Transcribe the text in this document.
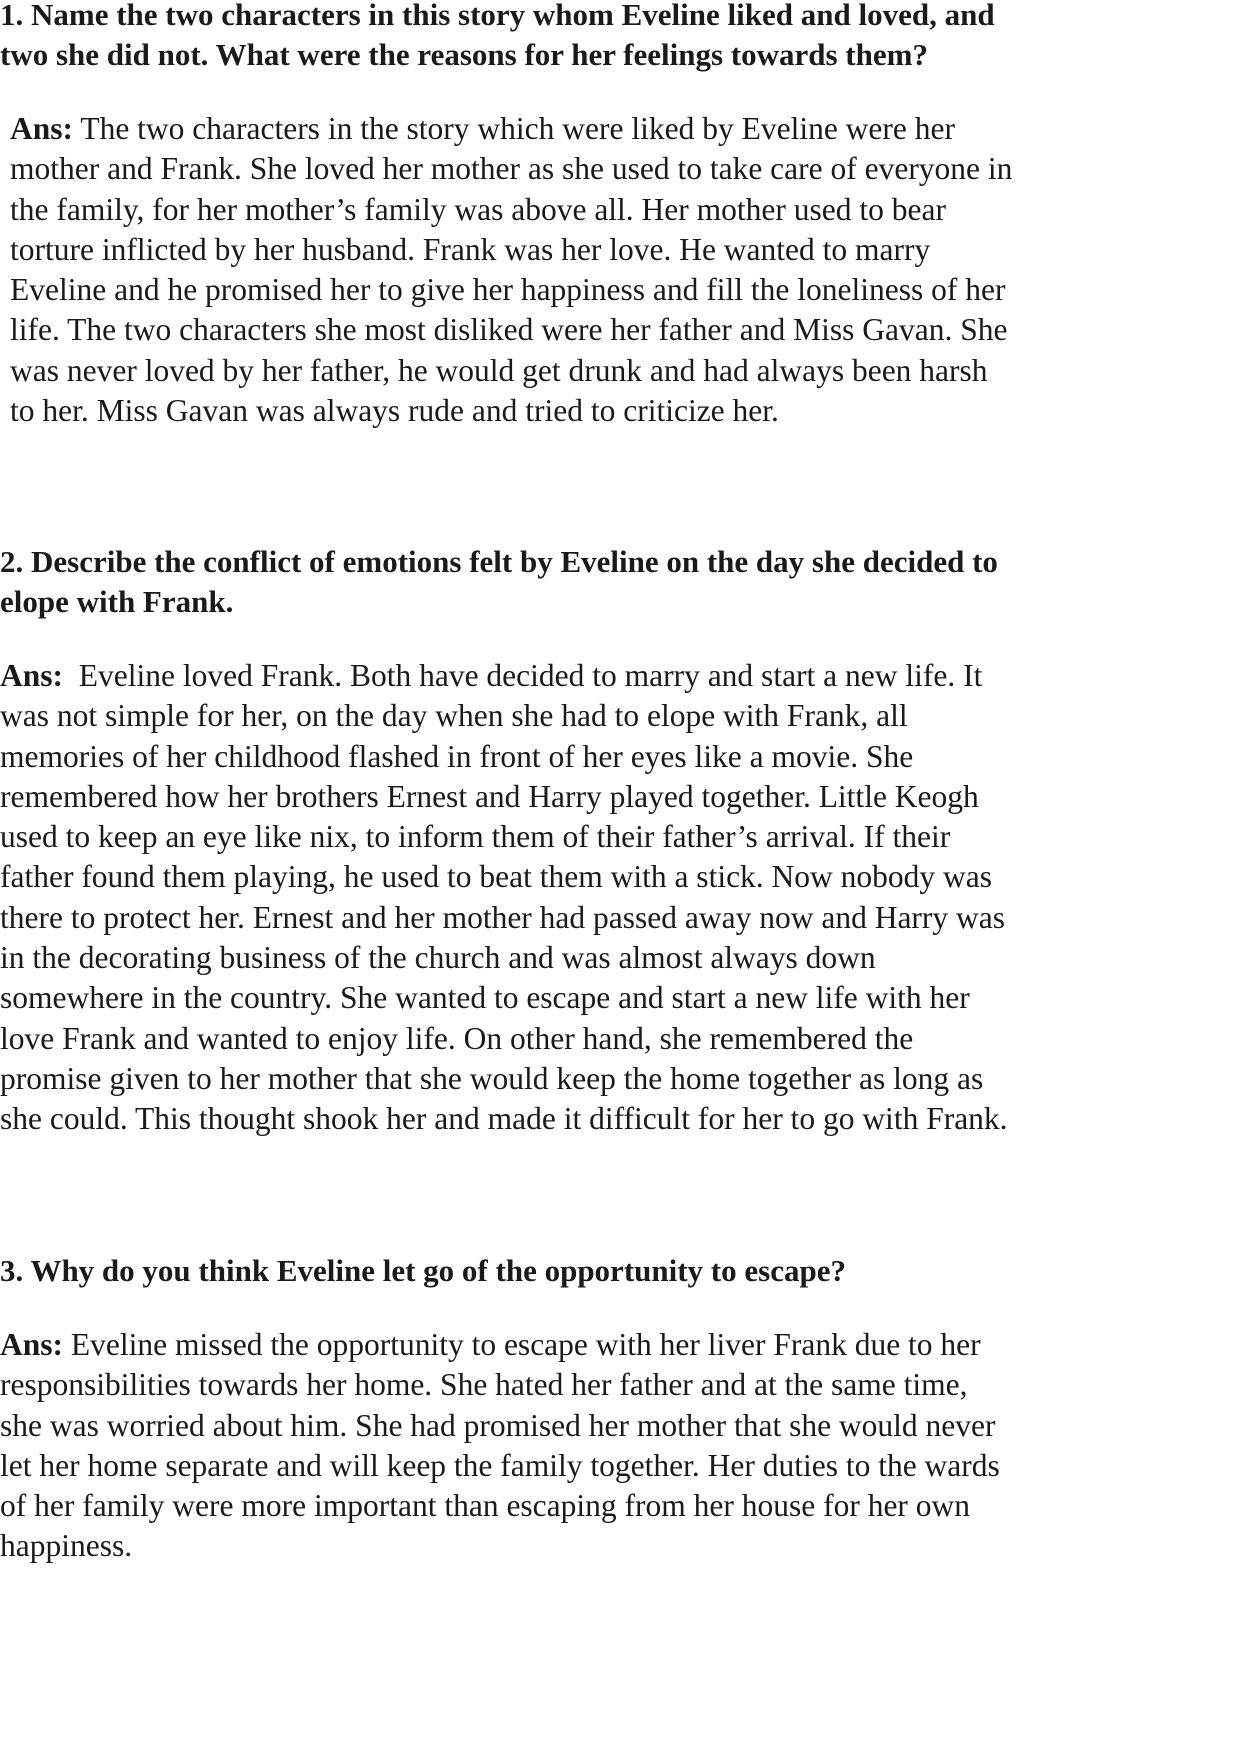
1. Name the two characters in this story whom Eveline liked and loved, and
two she did not. What were the reasons for her feelings towards them?
Ans: The two characters in the story which were liked by Eveline were her
mother and Frank. She loved her mother as she used to take care of everyone in
the family, for her mother’s family was above all. Her mother used to bear
torture inflicted by her husband. Frank was her love. He wanted to marry
Eveline and he promised her to give her happiness and fill the loneliness of her
life. The two characters she most disliked were her father and Miss Gavan. She
was never loved by her father, he would get drunk and had always been harsh
to her. Miss Gavan was always rude and tried to criticize her.
2. Describe the conflict of emotions felt by Eveline on the day she decided to
elope with Frank.
Ans:  Eveline loved Frank. Both have decided to marry and start a new life. It
was not simple for her, on the day when she had to elope with Frank, all
memories of her childhood flashed in front of her eyes like a movie. She
remembered how her brothers Ernest and Harry played together. Little Keogh
used to keep an eye like nix, to inform them of their father’s arrival. If their
father found them playing, he used to beat them with a stick. Now nobody was
there to protect her. Ernest and her mother had passed away now and Harry was
in the decorating business of the church and was almost always down
somewhere in the country. She wanted to escape and start a new life with her
love Frank and wanted to enjoy life. On other hand, she remembered the
promise given to her mother that she would keep the home together as long as
she could. This thought shook her and made it difficult for her to go with Frank.
3. Why do you think Eveline let go of the opportunity to escape?
Ans: Eveline missed the opportunity to escape with her liver Frank due to her
responsibilities towards her home. She hated her father and at the same time,
she was worried about him. She had promised her mother that she would never
let her home separate and will keep the family together. Her duties to the wards
of her family were more important than escaping from her house for her own
happiness.
